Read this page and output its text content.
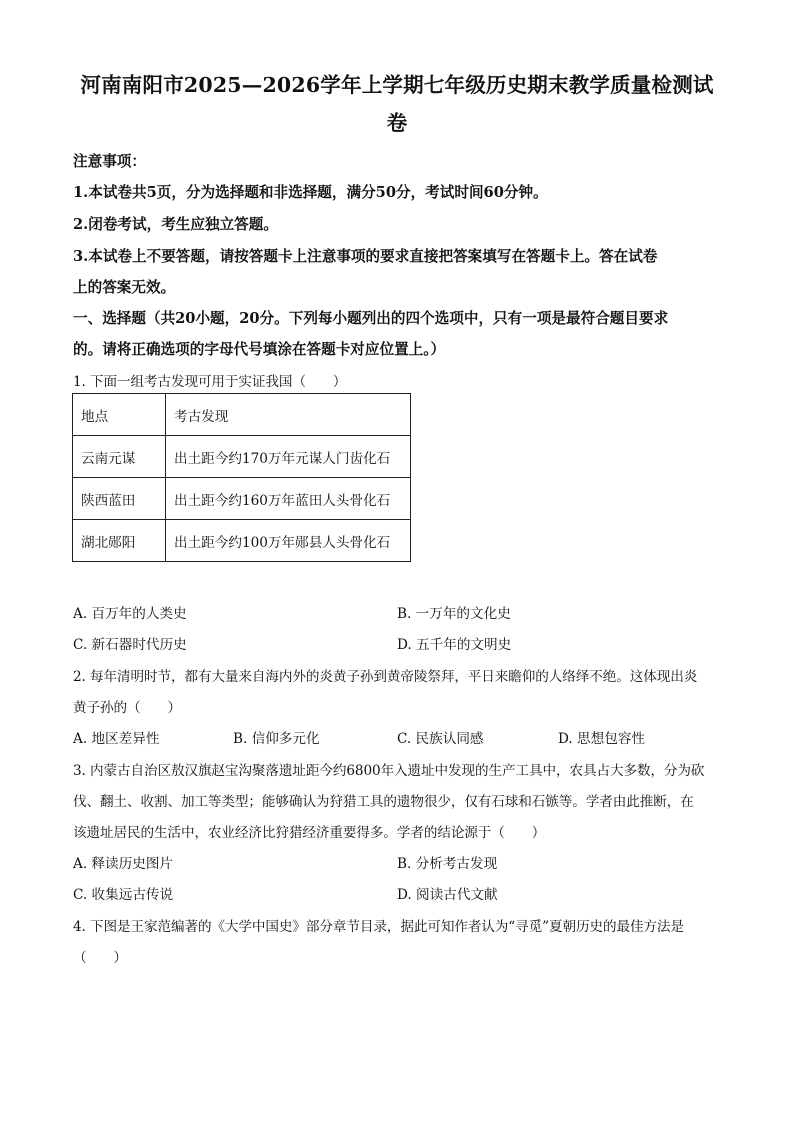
河南南阳市2025—2026学年上学期七年级历史期末教学质量检测试
卷
注意事项：
1.本试卷共5页，分为选择题和非选择题，满分50分，考试时间60分钟。
2.闭卷考试，考生应独立答题。
3.本试卷上不要答题，请按答题卡上注意事项的要求直接把答案填写在答题卡上。答在试卷
上的答案无效。
一、选择题（共20小题，20分。下列每小题列出的四个选项中，只有一项是最符合题目要求
的。请将正确选项的字母代号填涂在答题卡对应位置上。）
1. 下面一组考古发现可用于实证我国（　　）
地点	考古发现
云南元谋	出土距今约170万年元谋人门齿化石
陕西蓝田	出土距今约160万年蓝田人头骨化石
湖北郧阳	出土距今约100万年郧县人头骨化石
A. 百万年的人类史	B. 一万年的文化史
C. 新石器时代历史	D. 五千年的文明史
2. 每年清明时节，都有大量来自海内外的炎黄子孙到黄帝陵祭拜，平日来瞻仰的人络绎不绝。这体现出炎
黄子孙的（　　）
A. 地区差异性	B. 信仰多元化	C. 民族认同感	D. 思想包容性
3. 内蒙古自治区敖汉旗赵宝沟聚落遗址距今约6800年入遗址中发现的生产工具中，农具占大多数，分为砍
伐、翻土、收割、加工等类型；能够确认为狩猎工具的遗物很少，仅有石球和石镞等。学者由此推断，在
该遗址居民的生活中，农业经济比狩猎经济重要得多。学者的结论源于（　　）
A. 释读历史图片	B. 分析考古发现
C. 收集远古传说	D. 阅读古代文献
4. 下图是王家范编著的《大学中国史》部分章节目录，据此可知作者认为“寻觅”夏朝历史的最佳方法是
（　　）
